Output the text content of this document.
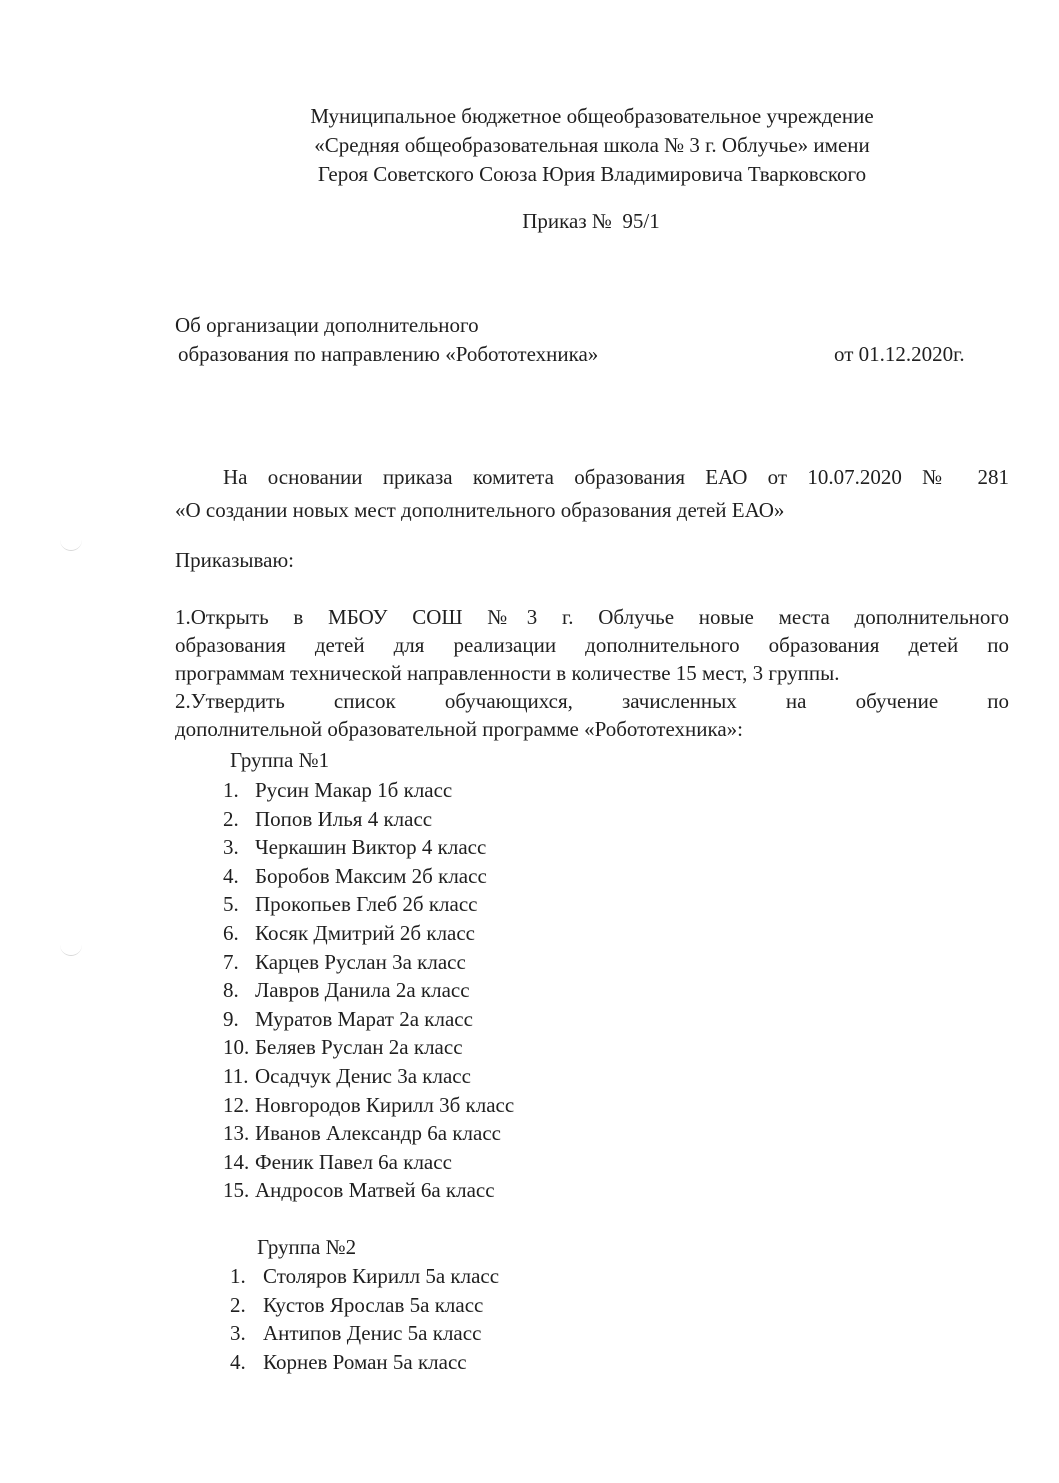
Муниципальное бюджетное общеобразовательное учреждение
«Средняя общеобразовательная школа № 3 г. Облучье» имени
Героя Советского Союза Юрия Владимировича Тварковского
Приказ №  95/1
Об организации дополнительного
образования по направлению «Робототехника»	от 01.12.2020г.
На основании приказа комитета образования ЕАО от 10.07.2020 № 281
«О создании новых мест дополнительного образования детей ЕАО»
Приказываю:
1.Открыть в МБОУ СОШ №3 г. Облучье новые места дополнительного
образования детей для реализации дополнительного образования детей по
программам технической направленности в количестве 15 мест, 3 группы.
2.Утвердить список обучающихся, зачисленных на обучение по
дополнительной образовательной программе «Робототехника»:
Группа №1
1. Русин Макар 1б класс
2. Попов Илья 4 класс
3. Черкашин Виктор 4 класс
4. Боробов Максим 2б класс
5. Прокопьев Глеб 2б класс
6. Косяк Дмитрий 2б класс
7. Карцев Руслан 3а класс
8. Лавров Данила 2а класс
9. Муратов Марат 2а класс
10. Беляев Руслан 2а класс
11. Осадчук Денис 3а класс
12. Новгородов Кирилл 3б класс
13. Иванов Александр 6а класс
14. Феник Павел 6а класс
15. Андросов Матвей 6а класс
Группа №2
1. Столяров Кирилл 5а класс
2. Кустов Ярослав 5а класс
3. Антипов Денис 5а класс
4. Корнев Роман 5а класс
